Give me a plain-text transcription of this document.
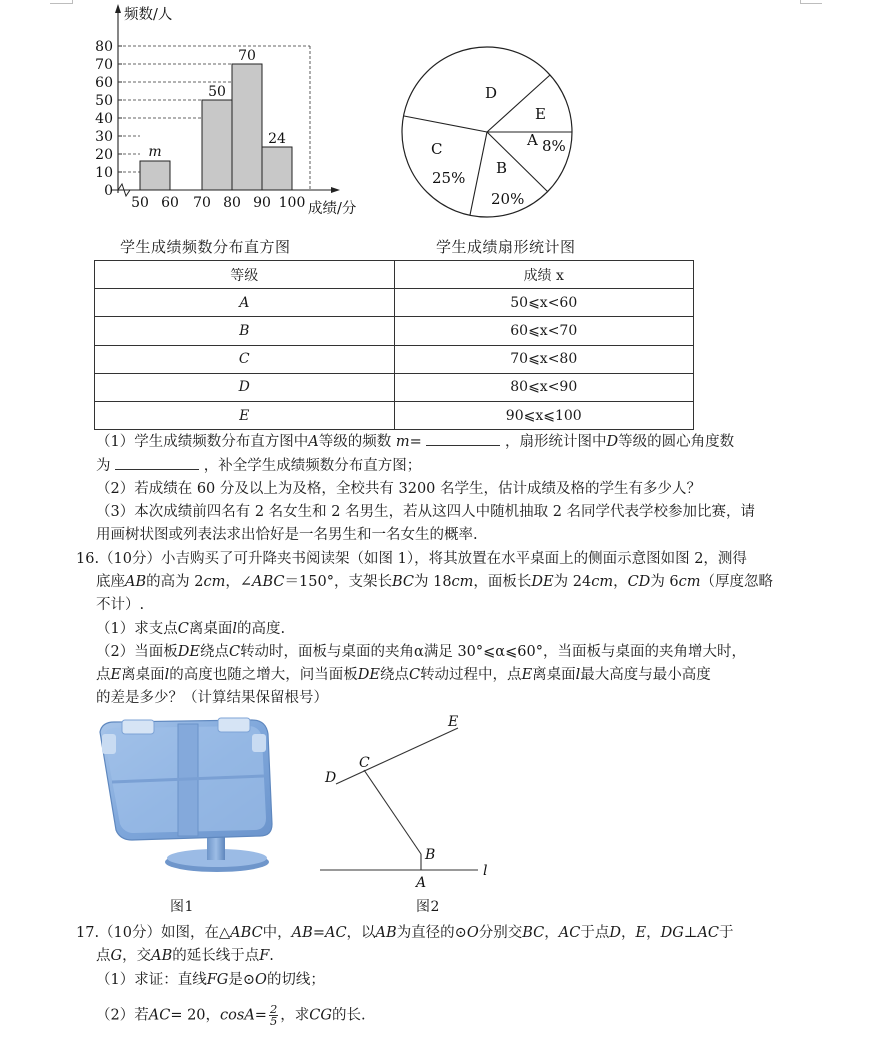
0
10
20
30
40
50
60
70
80
50 60 70 80 90 100
m
50
70
24
频数/人
成绩/分
学生成绩频数分布直方图
D
E
A 8%
C
25%
B
20%
学生成绩扇形统计图
等级	成绩 x
A	50⩽x<60
B	60⩽x<70
C	70⩽x<80
D	80⩽x<90
E	90⩽x⩽100
（1）学生成绩频数分布直方图中A等级的频数 m=	，扇形统计图中D等级的圆心角度数
为	，补全学生成绩频数分布直方图；
（2）若成绩在 60 分及以上为及格，全校共有 3200 名学生，估计成绩及格的学生有多少人？
（3）本次成绩前四名有 2 名女生和 2 名男生，若从这四人中随机抽取 2 名同学代表学校参加比赛，请
用画树状图或列表法求出恰好是一名男生和一名女生的概率.
16.（10分）小吉购买了可升降夹书阅读架（如图 1），将其放置在水平桌面上的侧面示意图如图 2，测得
底座AB的高为 2cm，∠ABC＝150°，支架长BC为 18cm，面板长DE为 24cm，CD为 6cm（厚度忽略
不计）.
（1）求支点C离桌面l的高度.
（2）当面板DE绕点C转动时，面板与桌面的夹角α满足 30°⩽α⩽60°，当面板与桌面的夹角增大时，
点E离桌面l的高度也随之增大，问当面板DE绕点C转动过程中，点E离桌面l最大高度与最小高度
的差是多少？（计算结果保留根号）
图1
E
C
D
B
A
l
图2
17.（10分）如图，在△ABC中，AB=AC，以AB为直径的⊙O分别交BC，AC于点D，E，DG⊥AC于
点G，交AB的延长线于点F.
（1）求证：直线FG是⊙O的切线；
（2）若AC= 20，$\cos A= \frac{2}{5}$ ，求CG的长.
